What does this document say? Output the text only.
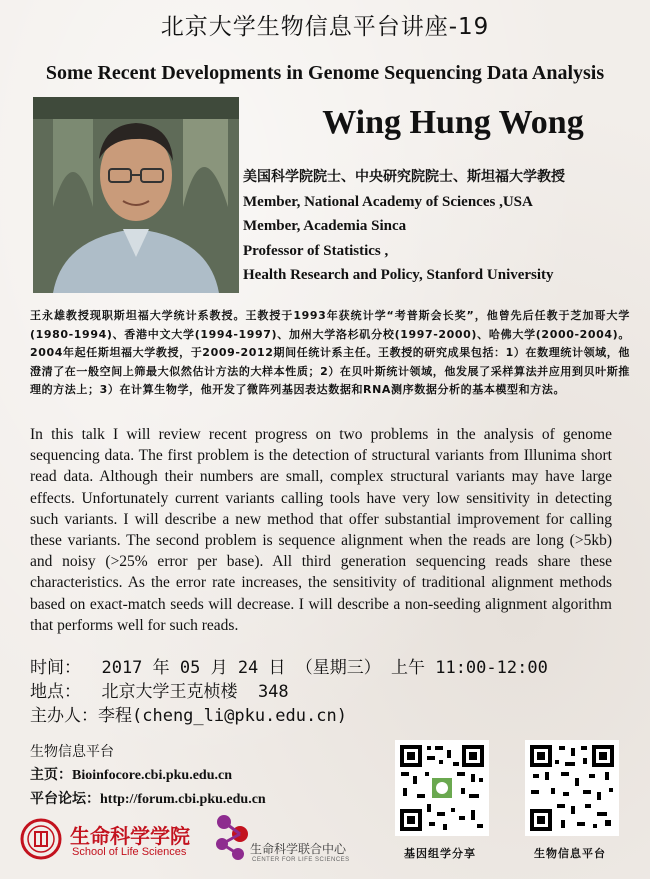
北京大学生物信息平台讲座-19
Some Recent Developments in Genome Sequencing Data Analysis
Wing Hung Wong
美国科学院院士、中央研究院院士、斯坦福大学教授
Member, National Academy of Sciences ,USA
Member, Academia Sinca
Professor of Statistics ,
Health Research and Policy, Stanford University
王永雄教授现职斯坦福大学统计系教授。王教授于1993年获统计学“考普斯会长奖”，他曾先后任教于芝加哥大学(1980-1994)、香港中文大学(1994-1997)、加州大学洛杉矶分校(1997-2000)、哈佛大学(2000-2004)。2004年起任斯坦福大学教授，于2009-2012期间任统计系主任。王教授的研究成果包括：1）在数理统计领域，他澄清了在一般空间上筛最大似然估计方法的大样本性质；2）在贝叶斯统计领域，他发展了采样算法并应用到贝叶斯推理的方法上；3）在计算生物学，他开发了微阵列基因表达数据和RNA测序数据分析的基本模型和方法。
In this talk I will review recent progress on two problems in the analysis of genome sequencing data. The first problem is the detection of structural variants from Illunima short read data. Although their numbers are small, complex structural variants may have large effects. Unfortunately current variants calling tools have very low sensitivity in detecting such variants. I will describe a new method that offer substantial improvement for calling these variants. The second problem is sequence alignment when the reads are long (>5kb) and noisy (>25% error per base). All third generation sequencing reads share these characteristics. As the error rate increases, the sensitivity of traditional alignment methods based on exact-match seeds will decrease. I will describe a non-seeding alignment algorithm that performs well for such reads.
时间：  2017 年 05 月 24 日 （星期三） 上午 11:00-12:00
地点：  北京大学王克桢楼  348
主办人：李程(cheng_li@pku.edu.cn)
生物信息平台
主页：Bioinfocore.cbi.pku.edu.cn
平台论坛：http://forum.cbi.pku.edu.cn
生命科学学院
School of Life Sciences	生命科学联合中心
CENTER FOR LIFE SCIENCES	基因组学分享	生物信息平台
